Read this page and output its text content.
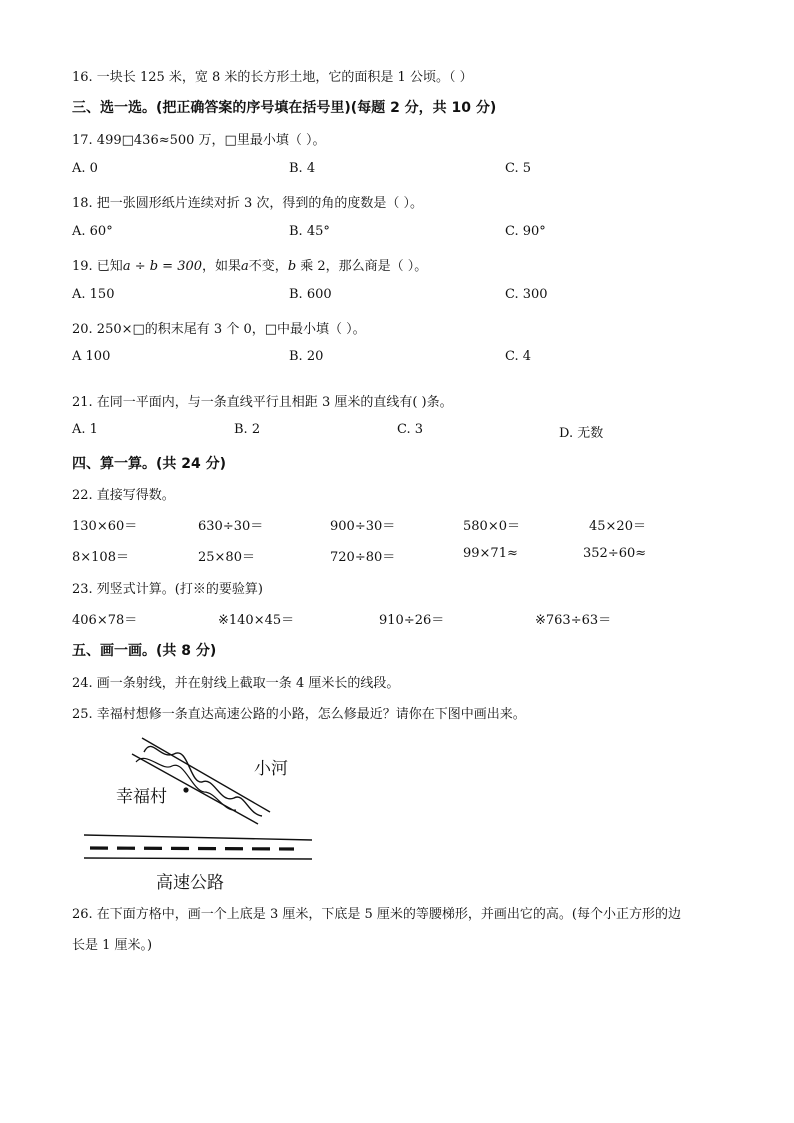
16. 一块长 125 米，宽 8 米的长方形土地，它的面积是 1 公顷。（ ）
三、选一选。(把正确答案的序号填在括号里)(每题 2 分，共 10 分)
17. 499□436≈500 万，□里最小填（ ）。
A. 0	B. 4	C. 5
18. 把一张圆形纸片连续对折 3 次，得到的角的度数是（ ）。
A. 60°	B. 45°	C. 90°
19. 已知a ÷ b = 300，如果a不变，b 乘 2，那么商是（ ）。
A. 150	B. 600	C. 300
20. 250×□的积末尾有 3 个 0，□中最小填（ ）。
A 100	B. 20	C. 4
21. 在同一平面内，与一条直线平行且相距 3 厘米的直线有( )条。
A. 1	B. 2	C. 3	D. 无数
四、算一算。(共 24 分)
22. 直接写得数。
130×60＝	630÷30＝	900÷30＝	580×0＝	45×20＝
8×108＝	25×80＝	720÷80＝	99×71≈	352÷60≈
23. 列竖式计算。(打※的要验算)
406×78＝	※140×45＝	910÷26＝	※763÷63＝
五、画一画。(共 8 分)
24. 画一条射线，并在射线上截取一条 4 厘米长的线段。
25. 幸福村想修一条直达高速公路的小路，怎么修最近？请你在下图中画出来。
幸福村
小河
高速公路
26. 在下面方格中，画一个上底是 3 厘米，下底是 5 厘米的等腰梯形，并画出它的高。(每个小正方形的边
长是 1 厘米。)
